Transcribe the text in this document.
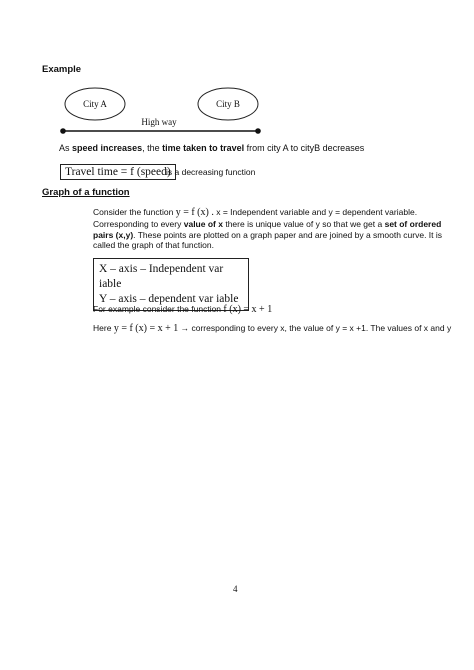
Example
City A	City B
High way
As speed increases, the time taken to travel from city A to cityB decreases
Travel time = f (speed)
is a decreasing function
Graph of a function
Consider the function y = f (x) . x = Independent variable and y = dependent variable.
Corresponding to every value of x there is unique value of y so that we get a set of ordered pairs (x,y). These points are plotted on a graph paper and are joined by a smooth curve. It is called the graph of that function.
X – axis – Independent var iable
Y – axis – dependent var iable
For example consider the function f (x) = x + 1
Here y = f (x) = x + 1 → corresponding to every x, the value of y = x +1. The values of x and y
4
